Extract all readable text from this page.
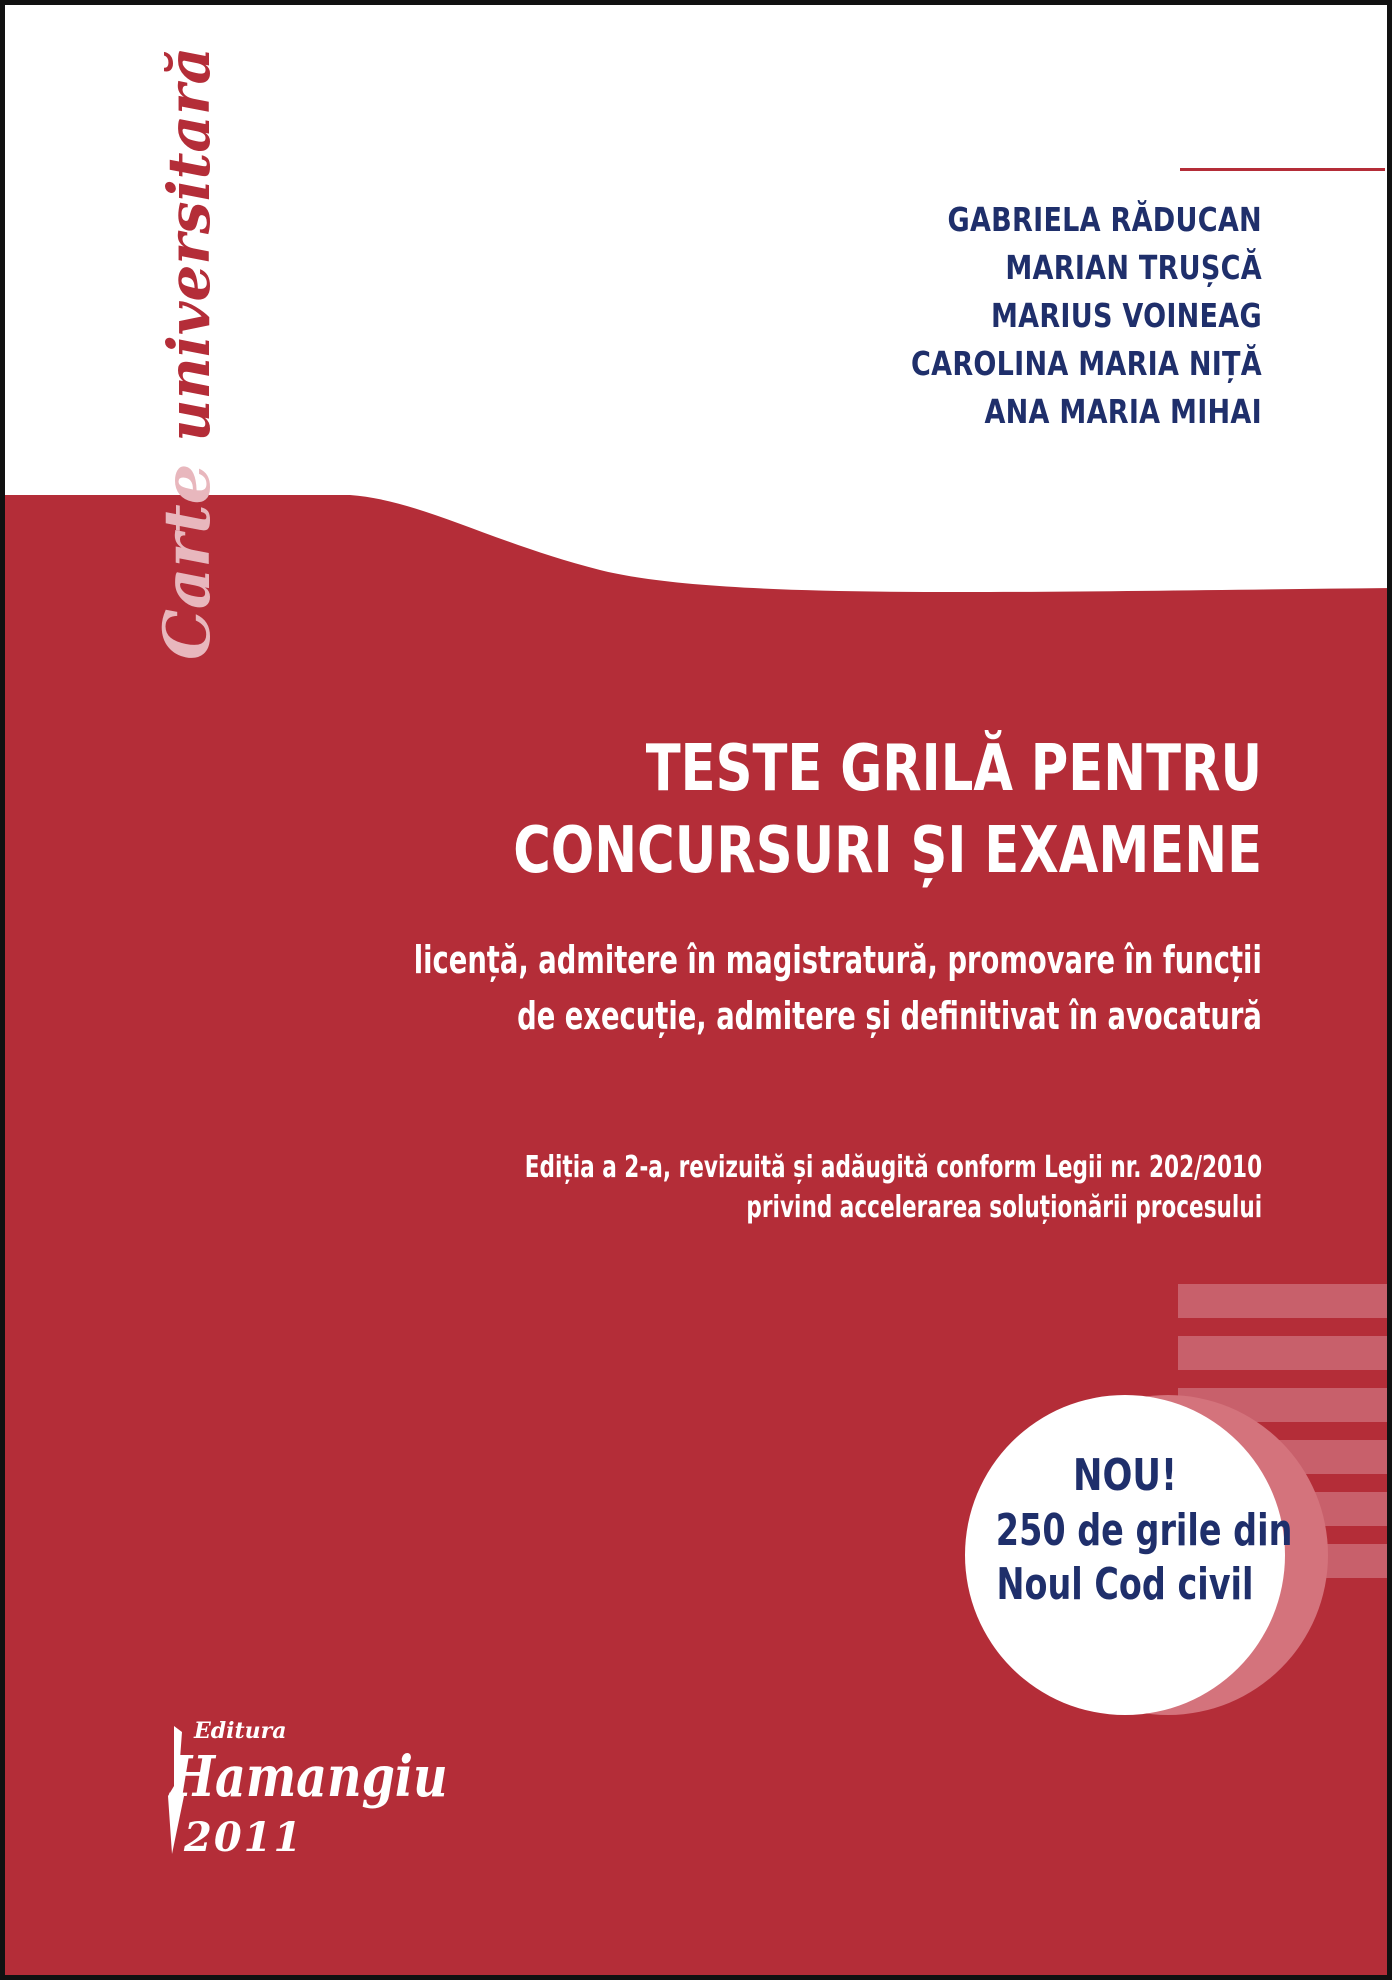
Carteuniversitară	GABRIELA RĂDUCAN
MARIAN TRUȘCĂ
MARIUS VOINEAG
CAROLINA MARIA NIȚĂ
ANA MARIA MIHAI
TESTE GRILĂ PENTRU
CONCURSURI ȘI EXAMENE

licență, admitere în magistratură, promovare în funcții
de execuție, admitere și definitivat în avocatură

Ediția a 2-a, revizuită și adăugită conform Legii nr. 202/2010
privind accelerarea soluționării procesului

NOU!
250 de grile din
Noul Cod civil
Editura
Hamangiu
2011
